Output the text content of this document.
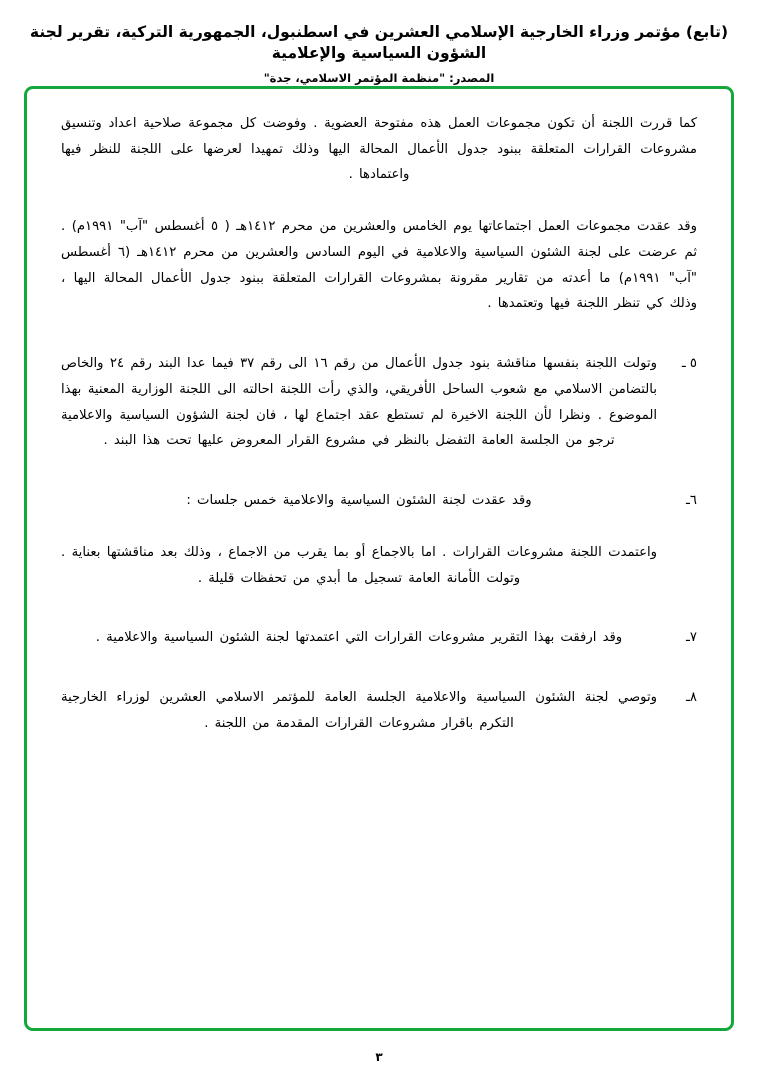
(تابع) مؤتمر وزراء الخارجية الإسلامي العشرين في اسطنبول، الجمهورية التركية، تقرير لجنة الشؤون السياسية والإعلامية
المصدر: "منظمة المؤتمر الاسلامي، جدة"
كما قررت اللجنة أن تكون مجموعات العمل هذه مفتوحة العضوية . وفوضت كل مجموعة صلاحية اعداد وتنسيق مشروعات القرارات المتعلقة ببنود جدول الأعمال المحالة اليها وذلك تمهيدا لعرضها على اللجنة للنظر فيها واعتمادها .
وقد عقدت مجموعات العمل اجتماعاتها يوم الخامس والعشرين من محرم ١٤١٢هـ ( ٥ أغسطس "آب" ١٩٩١م) . ثم عرضت على لجنة الشئون السياسية والاعلامية في اليوم السادس والعشرين من محرم ١٤١٢هـ (٦ أغسطس "آب" ١٩٩١م) ما أعدته من تقارير مقرونة بمشروعات القرارات المتعلقة ببنود جدول الأعمال المحالة اليها ، وذلك كي تنظر اللجنة فيها وتعتمدها .
٥ ـ
وتولت اللجنة بنفسها مناقشة بنود جدول الأعمال من رقم ١٦ الى رقم ٣٧ فيما عدا البند رقم ٢٤ والخاص بالتضامن الاسلامي مع شعوب الساحل الأفريقي، والذي رأت اللجنة احالته الى اللجنة الوزارية المعنية بهذا الموضوع . ونظرا لأن اللجنة الاخيرة لم تستطع عقد اجتماع لها ، فان لجنة الشؤون السياسية والاعلامية ترجو من الجلسة العامة التفضل بالنظر في مشروع القرار المعروض عليها تحت هذا البند .
٦ـ
وقد عقدت لجنة الشئون السياسية والاعلامية خمس جلسات :
واعتمدت اللجنة مشروعات القرارات . اما بالاجماع أو بما يقرب من الاجماع ، وذلك بعد مناقشتها بعناية . وتولت الأمانة العامة تسجيل ما أبدي من تحفظات قليلة .
٧ـ
وقد ارفقت بهذا التقرير مشروعات القرارات التي اعتمدتها لجنة الشئون السياسية والاعلامية .
٨ـ
وتوصي لجنة الشئون السياسية والاعلامية الجلسة العامة للمؤتمر الاسلامي العشرين لوزراء الخارجية التكرم باقرار مشروعات القرارات المقدمة من اللجنة .
٣
